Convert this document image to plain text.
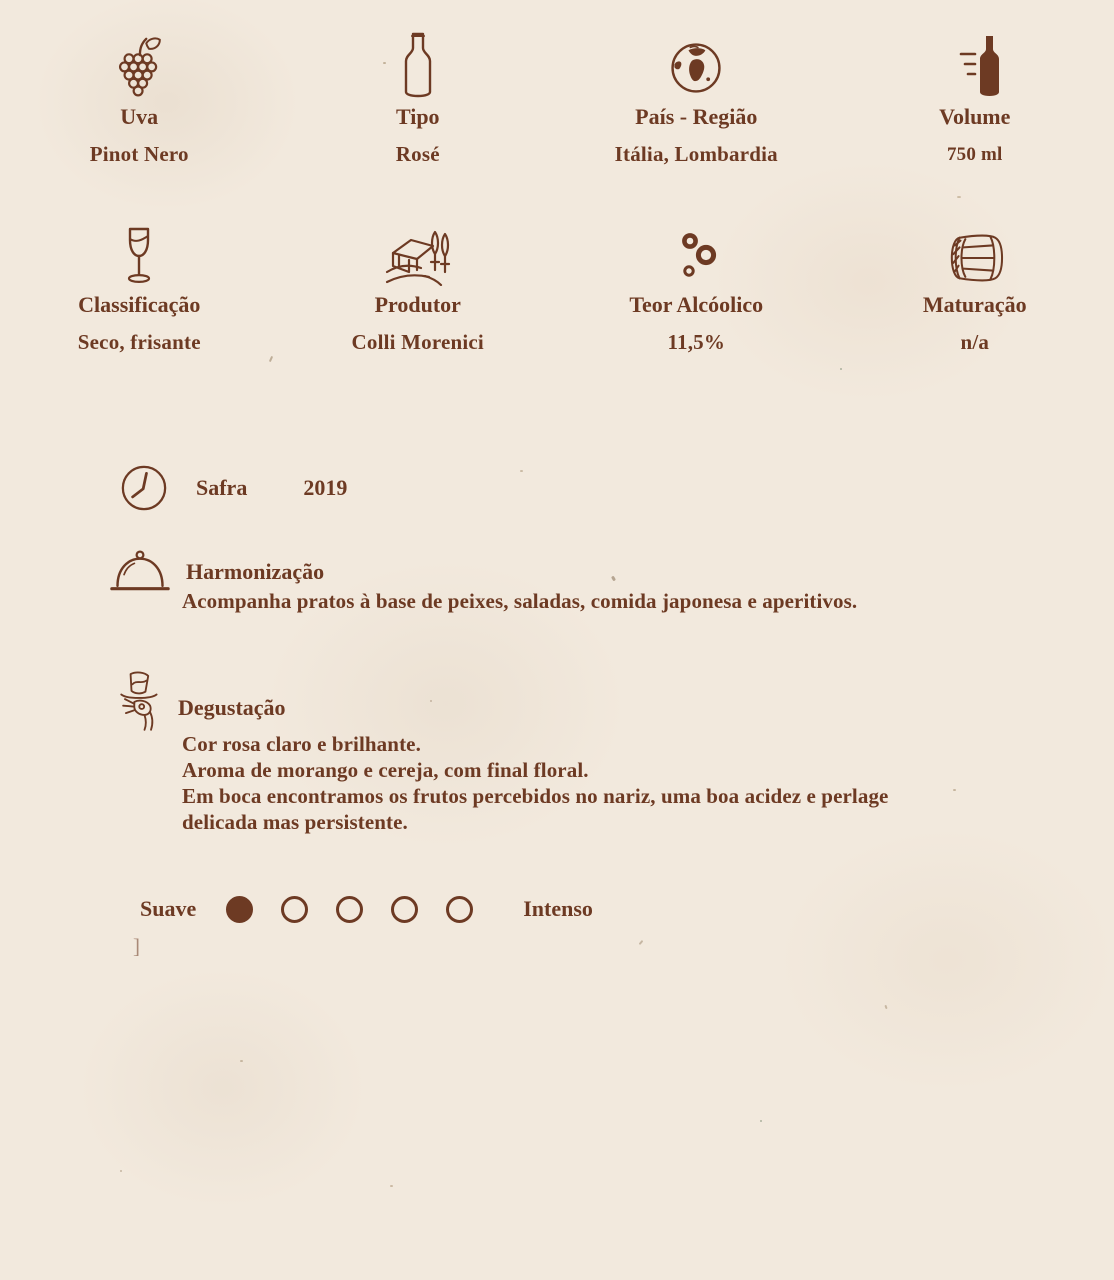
Uva
Pinot Nero
Tipo
Rosé
País - Região
Itália, Lombardia
Volume
750 ml
Classificação
Seco, frisante
Produtor
Colli Morenici
Teor Alcóolico
11,5%
Maturação
n/a
Safra	2019
Harmonização
Acompanha pratos à base de peixes, saladas, comida japonesa e aperitivos.
Degustação
Cor rosa claro e brilhante.
Aroma de morango e cereja, com final floral.
Em boca encontramos os frutos percebidos no nariz, uma boa acidez e perlage delicada mas persistente.
Suave	Intenso
]
